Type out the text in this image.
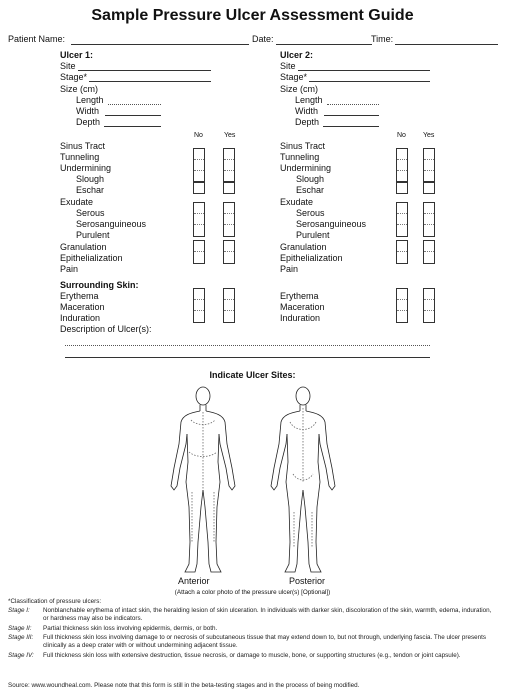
Sample Pressure Ulcer Assessment Guide
Patient Name:	Date:	Time:
Ulcer 1:
Site
Stage*
Size (cm)
Length
Width
Depth
No	Yes
Sinus Tract
Tunneling
Undermining
Slough
Eschar
Exudate
Serous
Serosanguineous
Purulent
Granulation
Epithelialization
Pain
Surrounding Skin:
Erythema
Maceration
Induration
Description of Ulcer(s):
Ulcer 2:
Site
Stage*
Size (cm)
Length
Width
Depth
No Yes
Sinus Tract
Tunneling
Undermining
Slough
Eschar
Exudate
Serous
Serosanguineous
Purulent
Granulation
Epithelialization
Pain
Erythema
Maceration
Induration
Indicate Ulcer Sites:
Anterior	Posterior
(Attach a color photo of the pressure ulcer(s) [Optional])
*Classification of pressure ulcers:
Stage I: Nonblanchable erythema of intact skin, the heralding lesion of skin ulceration. In individuals with darker skin, discoloration of the skin, warmth, edema, induration, or hardness may also be indicators.
Stage II: Partial thickness skin loss involving epidermis, dermis, or both.
Stage III: Full thickness skin loss involving damage to or necrosis of subcutaneous tissue that may extend down to, but not through, underlying fascia. The ulcer presents clinically as a deep crater with or without undermining adjacent tissue.
Stage IV: Full thickness skin loss with extensive destruction, tissue necrosis, or damage to muscle, bone, or supporting structures (e.g., tendon or joint capsule).
Source: www.woundheal.com. Please note that this form is still in the beta-testing stages and in the process of being modified.
